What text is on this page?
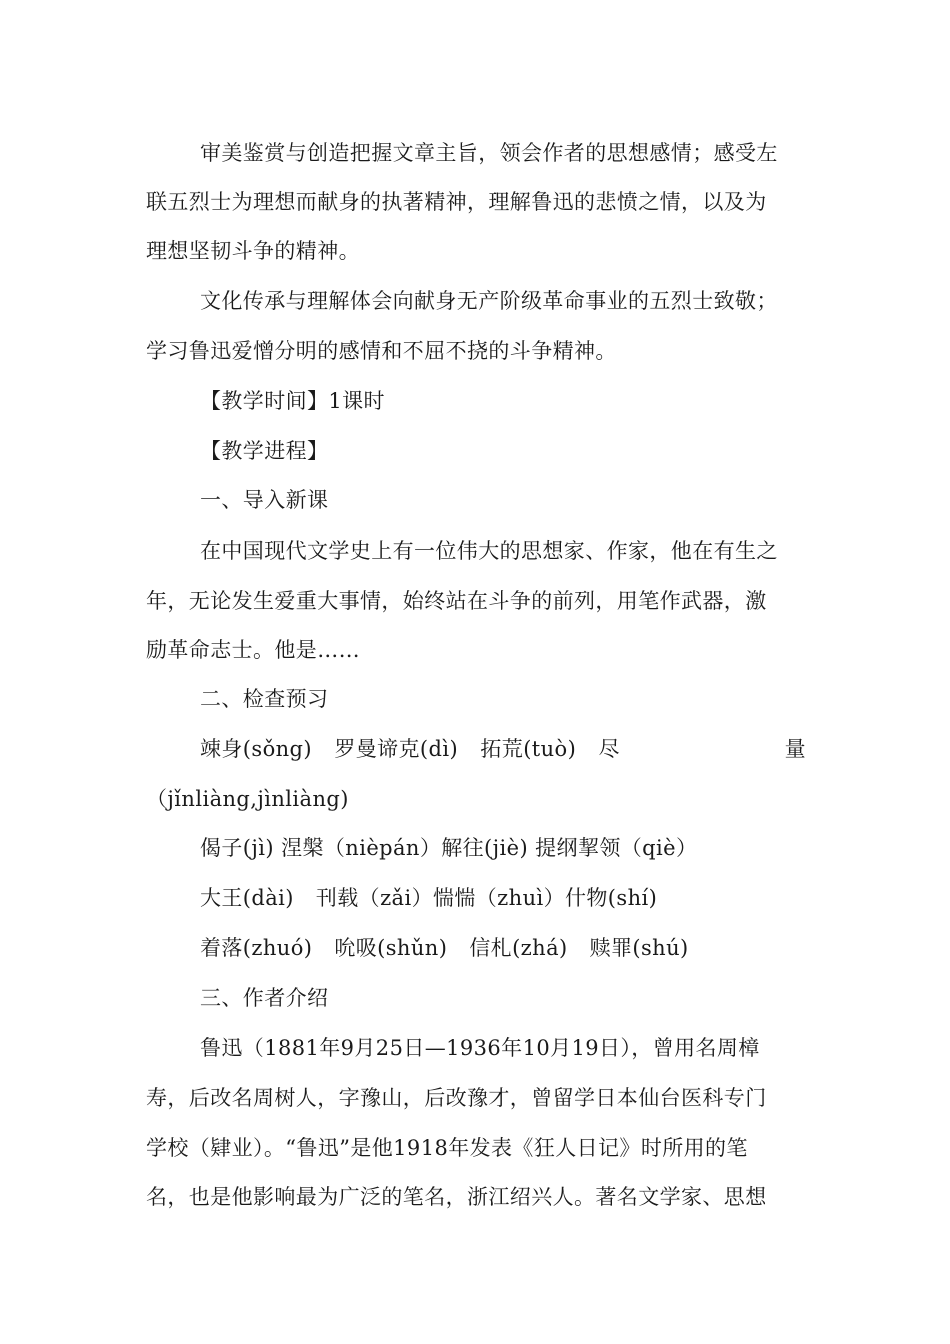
审美鉴赏与创造把握文章主旨，领会作者的思想感情；感受左
联五烈士为理想而献身的执著精神，理解鲁迅的悲愤之情，以及为
理想坚韧斗争的精神。
文化传承与理解体会向献身无产阶级革命事业的五烈士致敬；
学习鲁迅爱憎分明的感情和不屈不挠的斗争精神。
【教学时间】1课时
【教学进程】
一、导入新课
在中国现代文学史上有一位伟大的思想家、作家，他在有生之
年，无论发生爱重大事情，始终站在斗争的前列，用笔作武器，激
励革命志士。他是……
二、检查预习
竦身(sǒng) 罗曼谛克(dì) 拓荒(tuò) 尽	量
（jǐnliàng,jìnliàng)
偈子(jì) 涅槃（nièpán）解往(jiè) 提纲挈领（qiè）
大王(dài) 刊载（zǎi）惴惴（zhuì）什物(shí)
着落(zhuó) 吮吸(shǔn) 信札(zhá) 赎罪(shú)
三、作者介绍
鲁迅（1881年9月25日—1936年10月19日），曾用名周樟
寿，后改名周树人，字豫山，后改豫才，曾留学日本仙台医科专门
学校（肄业）。“鲁迅”是他1918年发表《狂人日记》时所用的笔
名，也是他影响最为广泛的笔名，浙江绍兴人。著名文学家、思想
